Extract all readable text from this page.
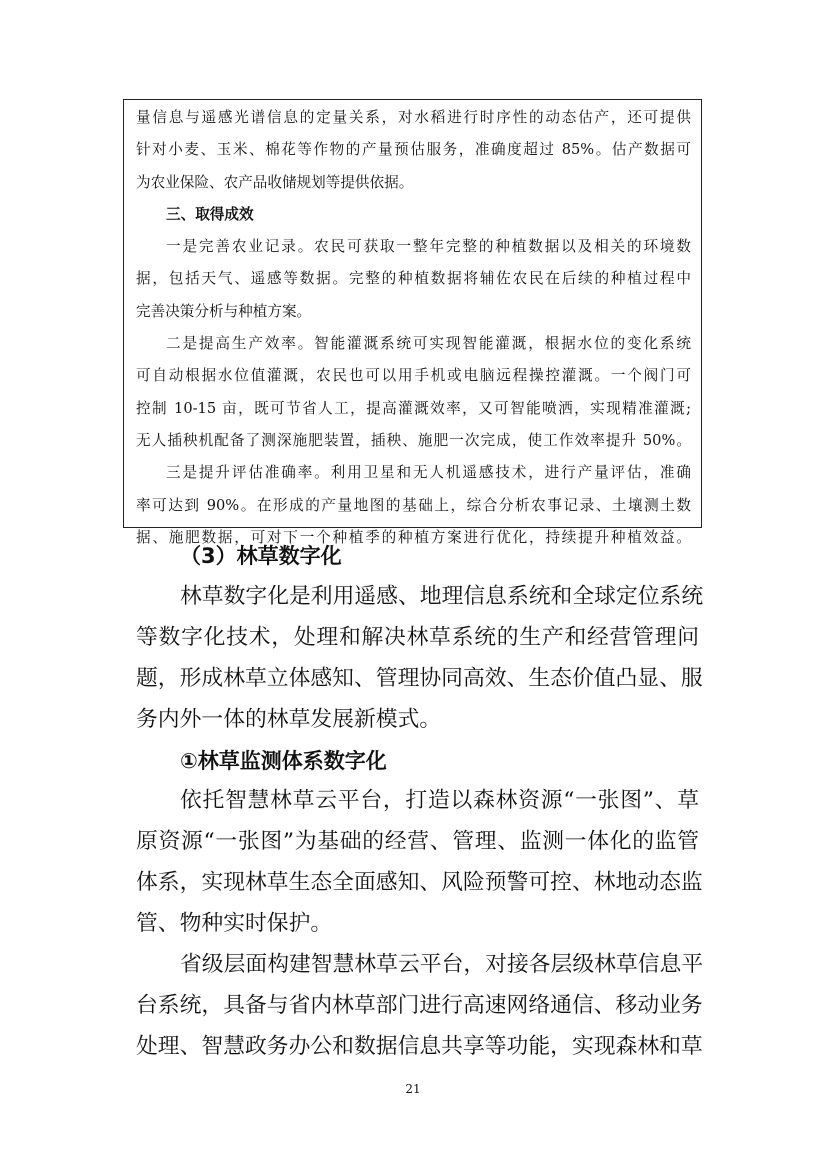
量信息与遥感光谱信息的定量关系，对水稻进行时序性的动态估产，还可提供

针对小麦、玉米、棉花等作物的产量预估服务，准确度超过 85%。估产数据可

为农业保险、农产品收储规划等提供依据。

三、取得成效

一是完善农业记录。农民可获取一整年完整的种植数据以及相关的环境数

据，包括天气、遥感等数据。完整的种植数据将辅佐农民在后续的种植过程中

完善决策分析与种植方案。

二是提高生产效率。智能灌溉系统可实现智能灌溉，根据水位的变化系统

可自动根据水位值灌溉，农民也可以用手机或电脑远程操控灌溉。一个阀门可

控制 10-15 亩，既可节省人工，提高灌溉效率，又可智能喷洒，实现精准灌溉;

无人插秧机配备了测深施肥装置，插秧、施肥一次完成，使工作效率提升 50%。

三是提升评估准确率。利用卫星和无人机遥感技术，进行产量评估，准确

率可达到 90%。在形成的产量地图的基础上，综合分析农事记录、土壤测土数

据、施肥数据，可对下一个种植季的种植方案进行优化，持续提升种植效益。

（3）林草数字化

林草数字化是利用遥感、地理信息系统和全球定位系统

等数字化技术，处理和解决林草系统的生产和经营管理问

题，形成林草立体感知、管理协同高效、生态价值凸显、服

务内外一体的林草发展新模式。

①林草监测体系数字化

依托智慧林草云平台，打造以森林资源“一张图”、草

原资源“一张图”为基础的经营、管理、监测一体化的监管

体系，实现林草生态全面感知、风险预警可控、林地动态监

管、物种实时保护。

省级层面构建智慧林草云平台，对接各层级林草信息平

台系统，具备与省内林草部门进行高速网络通信、移动业务

处理、智慧政务办公和数据信息共享等功能，实现森林和草

21
